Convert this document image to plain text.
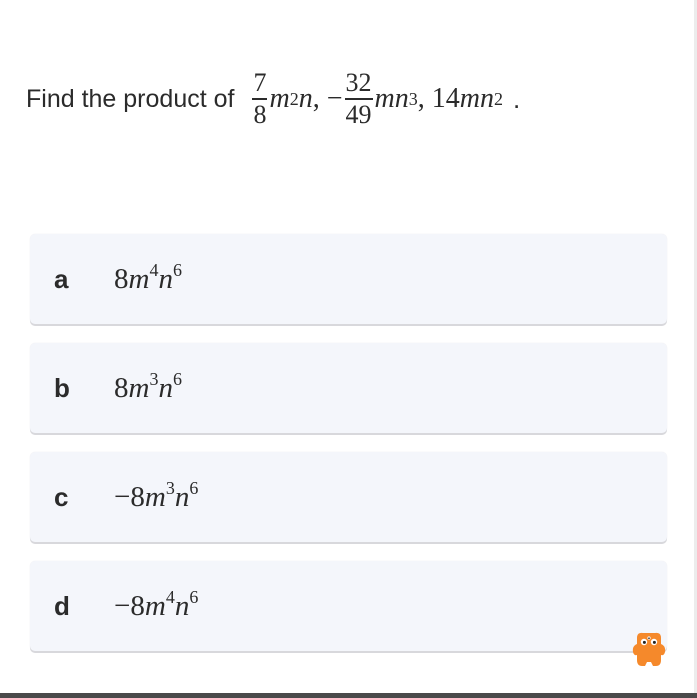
Find the product of $\frac{7}{8}$ m 2 n , − $\frac{32}{49}$ m n 3 , 14 m n 2 .
a	$8m^4n^6$
b	$8m^3n^6$
c	$-8m^3n^6$
d	$-8m^4n^6$
